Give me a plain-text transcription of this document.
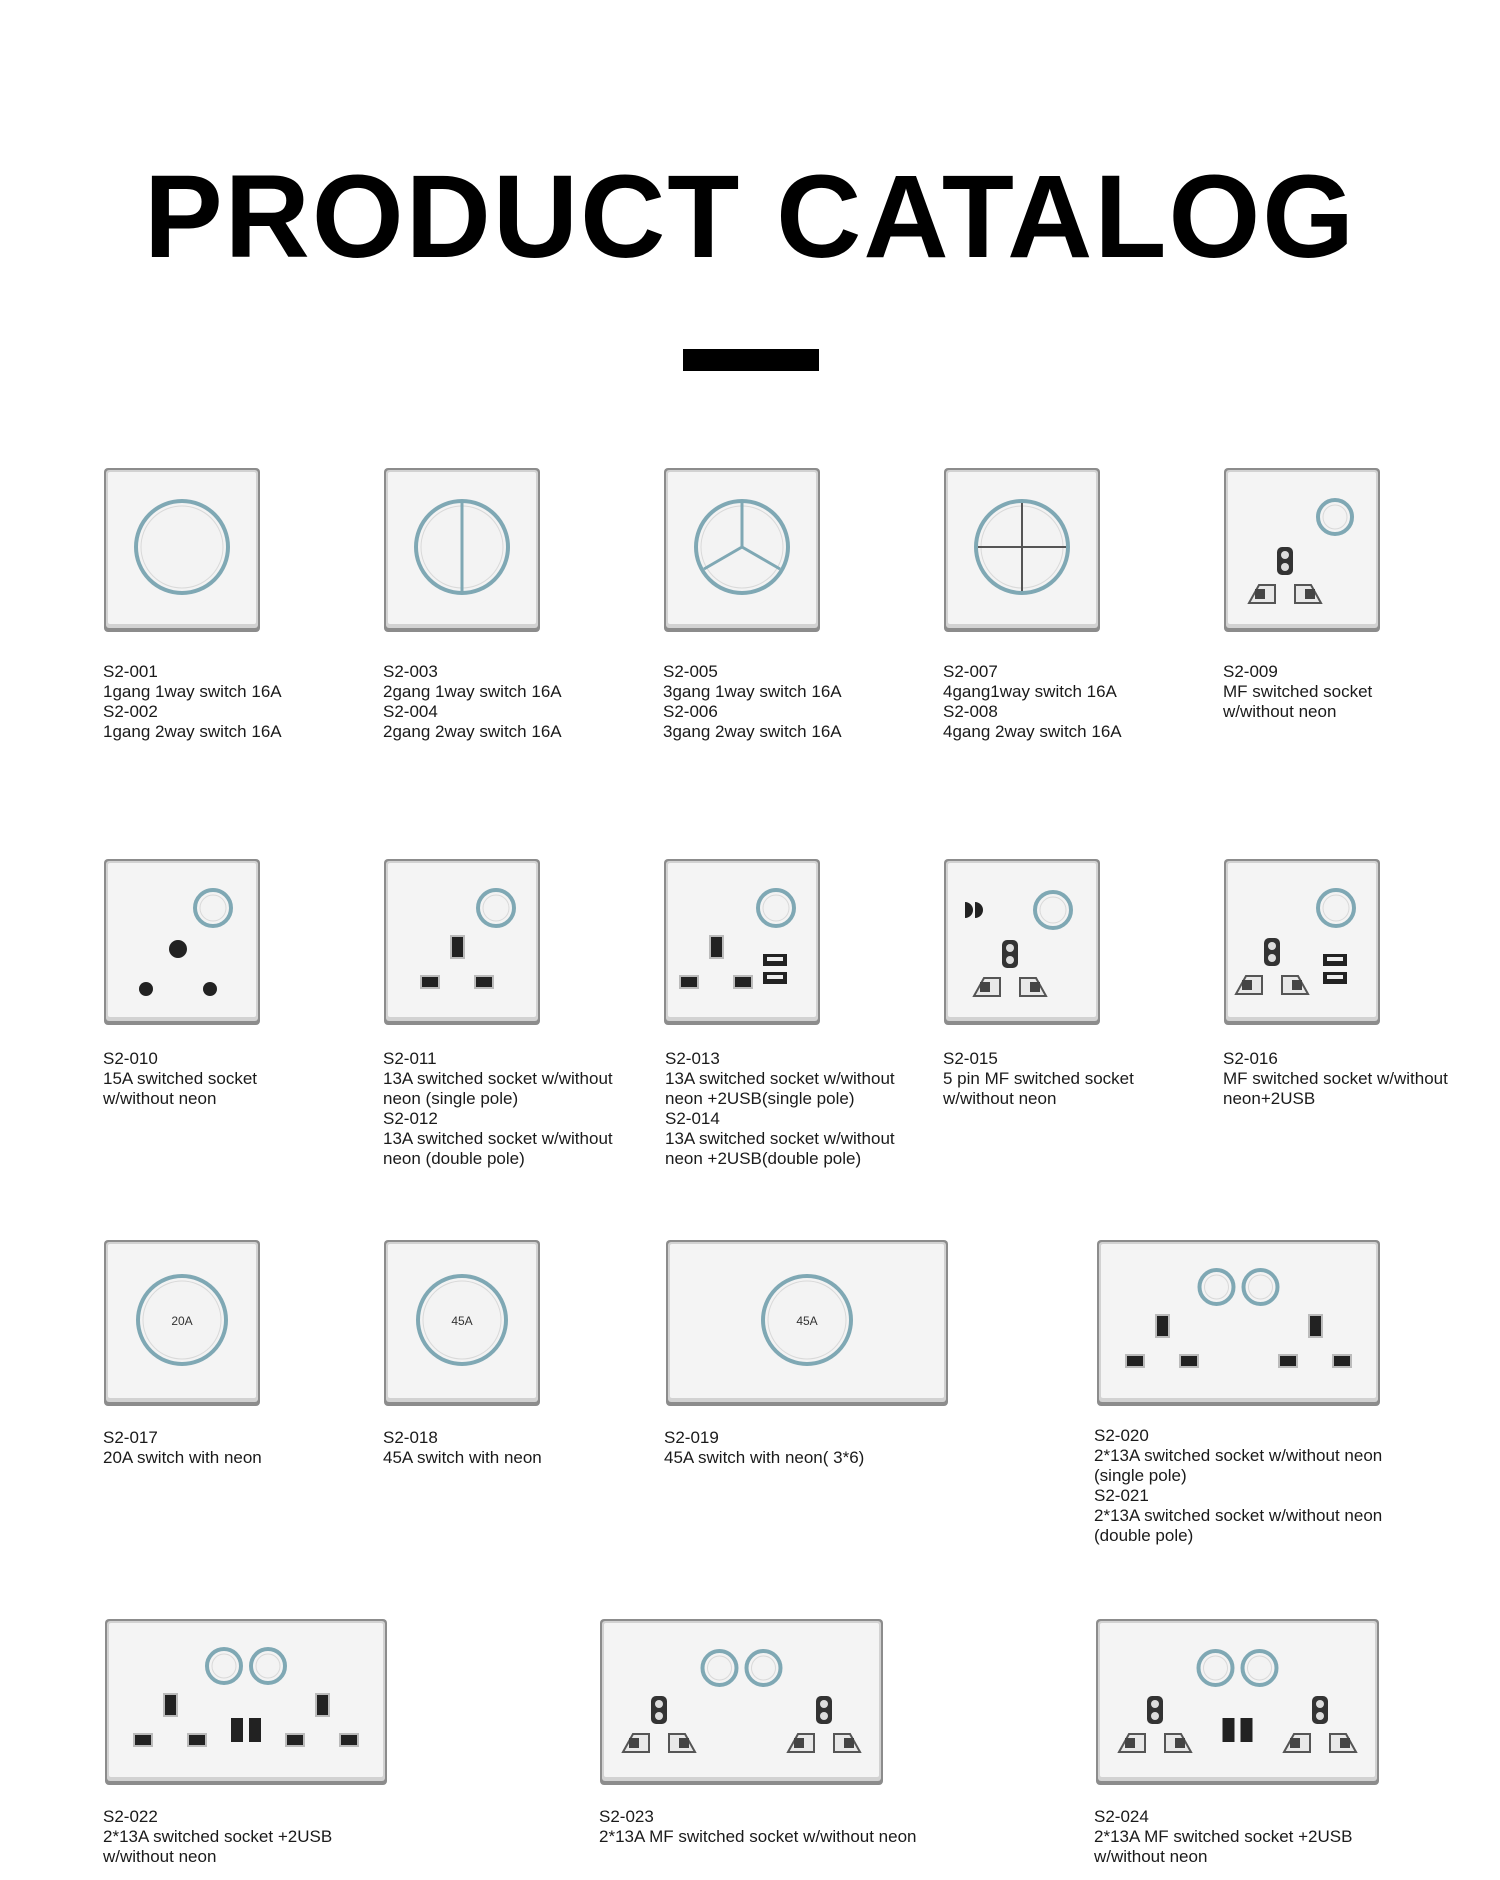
PRODUCT CATALOG
S2-001
1gang 1way switch 16A
S2-002
1gang 2way switch 16A
S2-003
2gang 1way switch 16A
S2-004
2gang 2way switch 16A
S2-005
3gang 1way switch 16A
S2-006
3gang 2way switch 16A
S2-007
4gang1way switch 16A
S2-008
4gang 2way switch 16A
S2-009
MF switched socket
w/without neon
S2-010
15A switched socket
w/without neon
S2-011
13A switched socket w/without
neon (single pole)
S2-012
13A switched socket w/without
neon (double pole)
S2-013
13A switched socket w/without
neon +2USB(single pole)
S2-014
13A switched socket w/without
neon +2USB(double pole)
S2-015
5 pin MF switched socket
w/without neon
S2-016
MF switched socket w/without
neon+2USB
20A
S2-017
20A switch with neon
45A
S2-018
45A switch with neon
45A
S2-019
45A switch with neon( 3*6)
S2-020
2*13A switched socket w/without neon
(single pole)
S2-021
2*13A switched socket w/without neon
(double pole)
S2-022
2*13A switched socket +2USB
w/without neon
S2-023
2*13A MF switched socket w/without neon
S2-024
2*13A MF switched socket +2USB
w/without neon
